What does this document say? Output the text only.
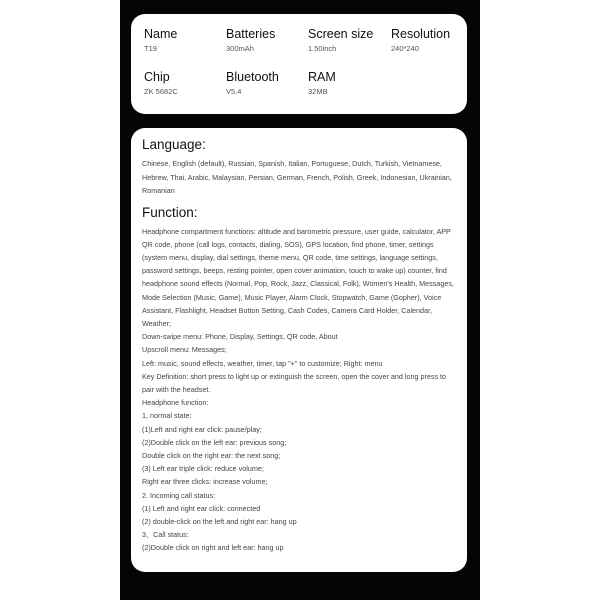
Name
T19
Batteries
300mAh
Screen size
1.50inch
Resolution
240*240
Chip
ZK 5682C
Bluetooth
V5.4
RAM
32MB
Language:
Chinese, English (default), Russian, Spanish, Italian, Portuguese, Dutch, Turkish, Vietnamese, Hebrew, Thai, Arabic, Malaysian, Persian, German, French, Polish, Greek, Indonesian, Ukrainian, Romanian
Function:
Headphone compartment functions: altitude and barometric pressure, user guide, calculator, APP QR code, phone (call logs, contacts, dialing, SOS), GPS location, find phone, timer, settings (system menu, display, dial settings, theme menu, QR code, time settings, language settings, password settings, beeps, resting pointer, open cover animation, touch to wake up) counter, find headphone sound effects (Normal, Pop, Rock, Jazz, Classical, Folk), Women's Health, Messages, Mode Selection (Music, Game), Music Player, Alarm Clock, Stopwatch, Game (Gopher), Voice Assistant, Flashlight, Headset Button Setting, Cash Codes, Camera Card Holder, Calendar, Weather;
Down-swipe menu: Phone, Display, Settings, QR code, About
Upscroll menu: Messages;
Left: music, sound effects, weather, timer, tap "+" to customize; Right: menu
Key Definition: short press to light up or extinguish the screen, open the cover and long press to pair with the headset.
Headphone function:
1, normal state:
(1)Left and right ear click: pause/play;
(2)Double click on the left ear: previous song;
Double click on the right ear: the next song;
(3) Left ear triple click: reduce volume;
Right ear three clicks: increase volume;
2. Incoming call status:
(1) Left and right ear click: connected
(2) double-click on the left and right ear: hang up
3、Call status:
(2)Double click on right and left ear: hang up
